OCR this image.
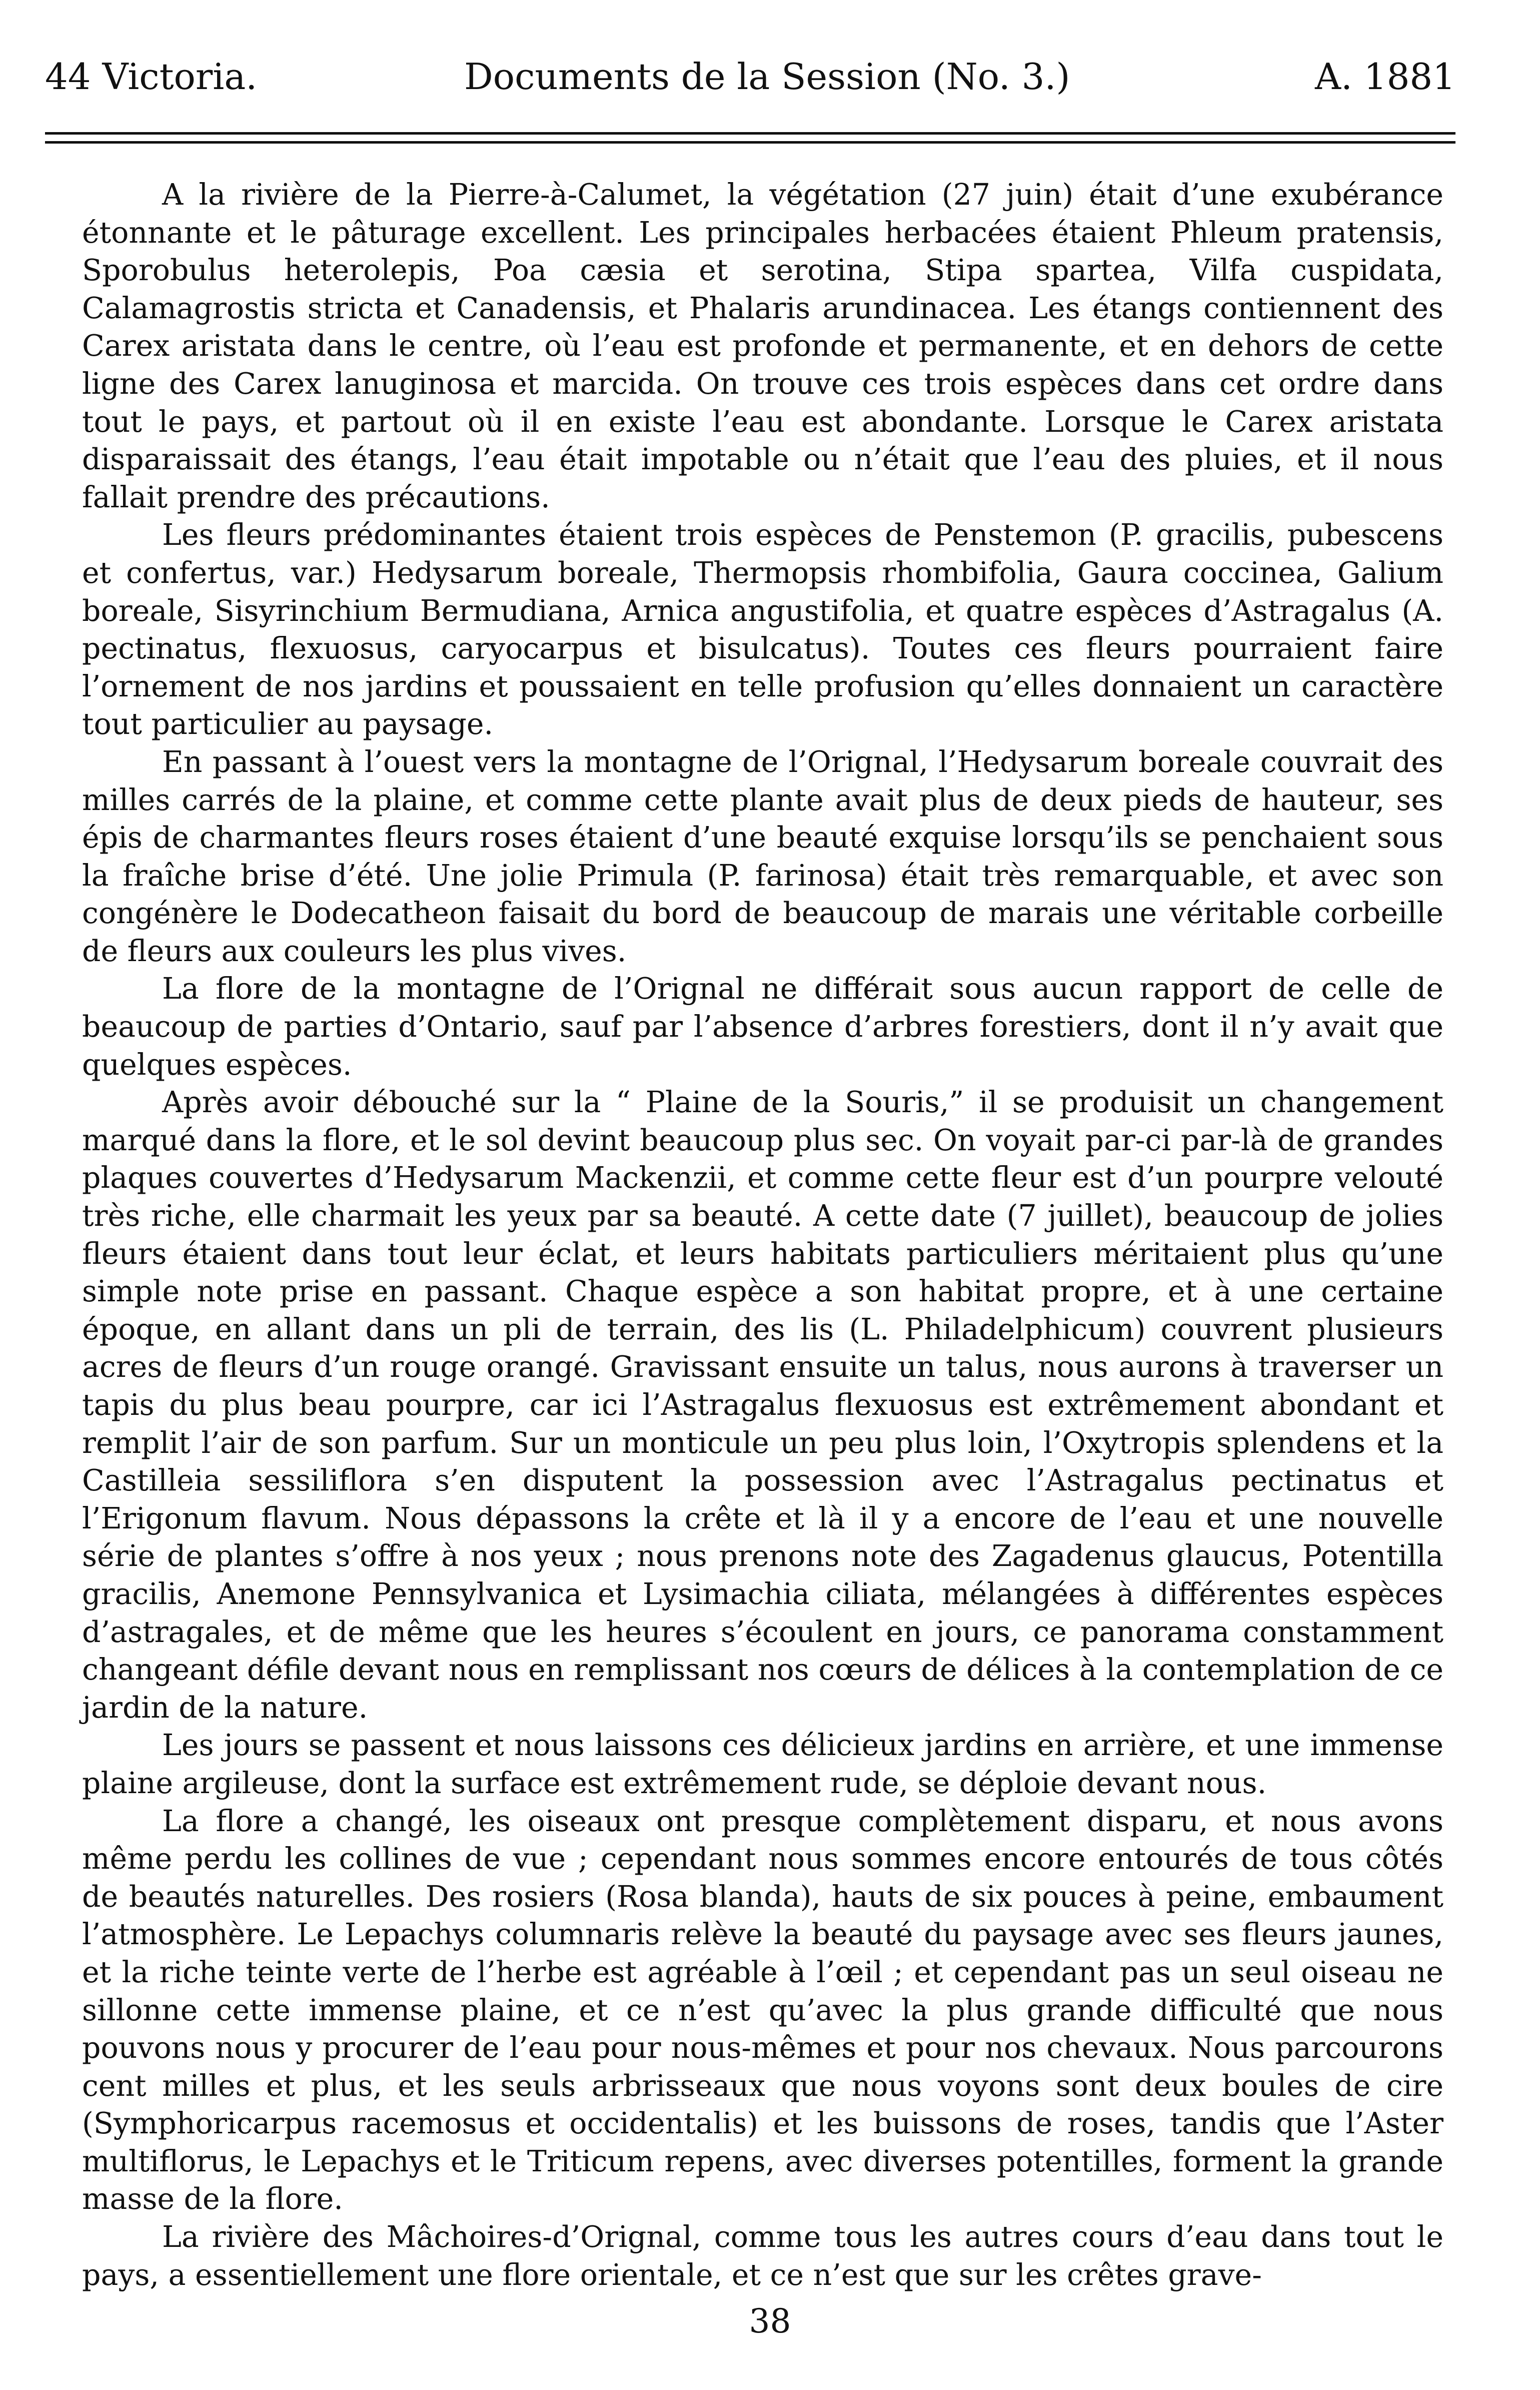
44 Victoria.	Documents de la Session (No. 3.)	A. 1881

A la rivière de la Pierre-à-Calumet, la végétation (27 juin) était d’une exubérance étonnante et le pâturage excellent. Les principales herbacées étaient Phleum pratensis, Sporobulus heterolepis, Poa cæsia et serotina, Stipa spartea, Vilfa cuspidata, Calamagrostis stricta et Canadensis, et Phalaris arundinacea. Les étangs contiennent des Carex aristata dans le centre, où l’eau est profonde et permanente, et en dehors de cette ligne des Carex lanuginosa et marcida. On trouve ces trois espèces dans cet ordre dans tout le pays, et partout où il en existe l’eau est abondante. Lorsque le Carex aristata disparaissait des étangs, l’eau était impotable ou n’était que l’eau des pluies, et il nous fallait prendre des précautions.

Les fleurs prédominantes étaient trois espèces de Penstemon (P. gracilis, pubescens et confertus, var.) Hedysarum boreale, Thermopsis rhombifolia, Gaura coccinea, Galium boreale, Sisyrinchium Bermudiana, Arnica angustifolia, et quatre espèces d’Astragalus (A. pectinatus, flexuosus, caryocarpus et bisulcatus). Toutes ces fleurs pourraient faire l’ornement de nos jardins et poussaient en telle profusion qu’elles donnaient un caractère tout particulier au paysage.

En passant à l’ouest vers la montagne de l’Orignal, l’Hedysarum boreale couvrait des milles carrés de la plaine, et comme cette plante avait plus de deux pieds de hauteur, ses épis de charmantes fleurs roses étaient d’une beauté exquise lorsqu’ils se penchaient sous la fraîche brise d’été. Une jolie Primula (P. farinosa) était très remarquable, et avec son congénère le Dodecatheon faisait du bord de beaucoup de marais une véritable corbeille de fleurs aux couleurs les plus vives.

La flore de la montagne de l’Orignal ne différait sous aucun rapport de celle de beaucoup de parties d’Ontario, sauf par l’absence d’arbres forestiers, dont il n’y avait que quelques espèces.

Après avoir débouché sur la “ Plaine de la Souris,” il se produisit un changement marqué dans la flore, et le sol devint beaucoup plus sec. On voyait par-ci par-là de grandes plaques couvertes d’Hedysarum Mackenzii, et comme cette fleur est d’un pourpre velouté très riche, elle charmait les yeux par sa beauté. A cette date (7 juillet), beaucoup de jolies fleurs étaient dans tout leur éclat, et leurs habitats particuliers méritaient plus qu’une simple note prise en passant. Chaque espèce a son habitat propre, et à une certaine époque, en allant dans un pli de terrain, des lis (L. Philadelphicum) couvrent plusieurs acres de fleurs d’un rouge orangé. Gravissant ensuite un talus, nous aurons à traverser un tapis du plus beau pourpre, car ici l’Astragalus flexuosus est extrêmement abondant et remplit l’air de son parfum. Sur un monticule un peu plus loin, l’Oxytropis splendens et la Castilleia sessiliflora s’en disputent la possession avec l’Astragalus pectinatus et l’Erigonum flavum. Nous dépassons la crête et là il y a encore de l’eau et une nouvelle série de plantes s’offre à nos yeux ; nous prenons note des Zagadenus glaucus, Potentilla gracilis, Anemone Pennsylvanica et Lysimachia ciliata, mélangées à différentes espèces d’astragales, et de même que les heures s’écoulent en jours, ce panorama constamment changeant défile devant nous en remplissant nos cœurs de délices à la contemplation de ce jardin de la nature.

Les jours se passent et nous laissons ces délicieux jardins en arrière, et une immense plaine argileuse, dont la surface est extrêmement rude, se déploie devant nous.

La flore a changé, les oiseaux ont presque complètement disparu, et nous avons même perdu les collines de vue ; cependant nous sommes encore entourés de tous côtés de beautés naturelles. Des rosiers (Rosa blanda), hauts de six pouces à peine, embaument l’atmosphère. Le Lepachys columnaris relève la beauté du paysage avec ses fleurs jaunes, et la riche teinte verte de l’herbe est agréable à l’œil ; et cependant pas un seul oiseau ne sillonne cette immense plaine, et ce n’est qu’avec la plus grande difficulté que nous pouvons nous y procurer de l’eau pour nous-mêmes et pour nos chevaux. Nous parcourons cent milles et plus, et les seuls arbrisseaux que nous voyons sont deux boules de cire (Symphoricarpus racemosus et occidentalis) et les buissons de roses, tandis que l’Aster multiflorus, le Lepachys et le Triticum repens, avec diverses potentilles, forment la grande masse de la flore.

La rivière des Mâchoires-d’Orignal, comme tous les autres cours d’eau dans tout le pays, a essentiellement une flore orientale, et ce n’est que sur les crêtes grave-

38
